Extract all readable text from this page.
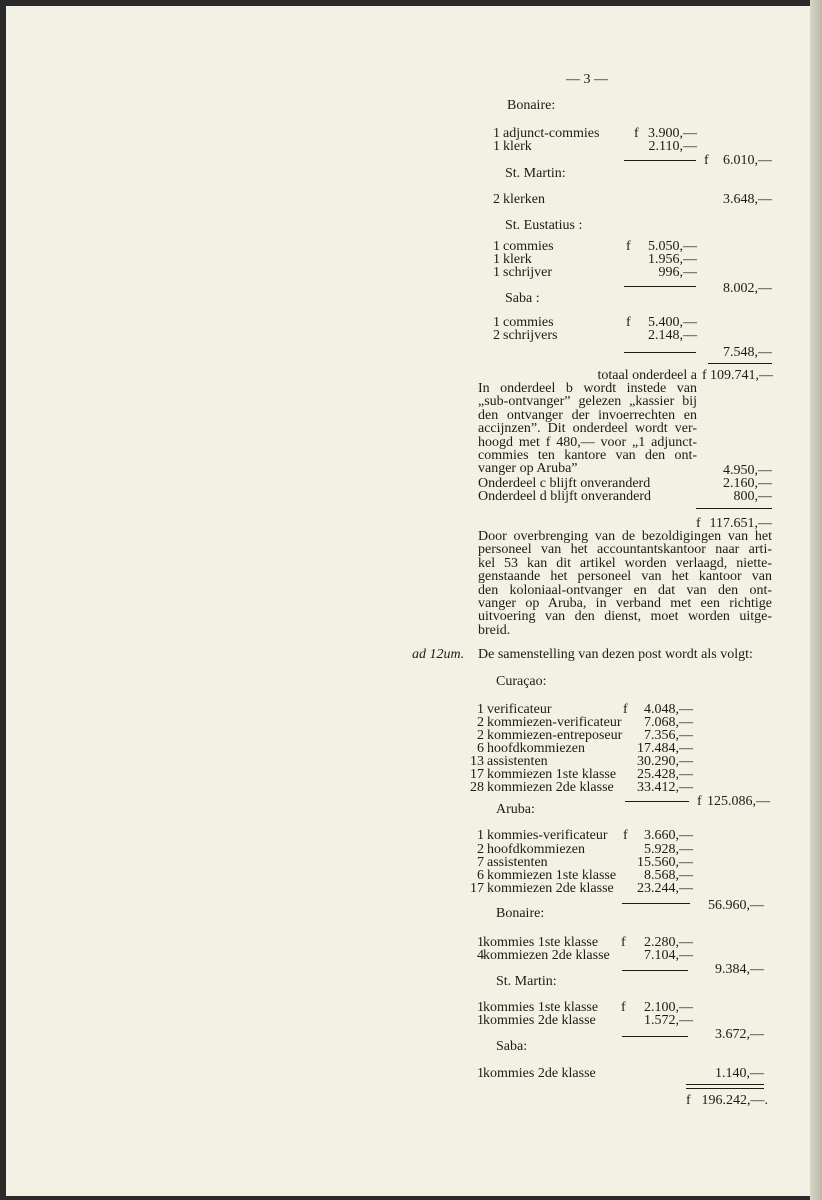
— 3 —
Bonaire:
1 adjunct-commies f 3.900,—
1 klerk	2.110,—
f	6.010,—
St. Martin:
2 klerken	3.648,—
St. Eustatius :
1 commies	f	5.050,—
1 klerk	1.956,—
1 schrijver	996,—
8.002,—
Saba :
1 commies	f	5.400,—
2 schrijvers	2.148,—
7.548,—
totaal onderdeel a f 109.741,—
In onderdeel b wordt instede van
„sub-ontvanger” gelezen „kassier bij
den ontvanger der invoerrechten en
accijnzen”. Dit onderdeel wordt ver-
hoogd met f 480,— voor „1 adjunct-
commies ten kantore van den ont-
vanger op Aruba”	4.950,—
Onderdeel c blijft onveranderd	2.160,—
Onderdeel d blijft onveranderd	800,—
f 117.651,—
Door overbrenging van de bezoldigingen van het
personeel van het accountantskantoor naar arti-
kel 53 kan dit artikel worden verlaagd, niette-
genstaande het personeel van het kantoor van
den koloniaal-ontvanger en dat van den ont-
vanger op Aruba, in verband met een richtige
uitvoering van den dienst, moet worden uitge-
breid.
ad 12um. De samenstelling van dezen post wordt als volgt:
Curaçao:
1 verificateur	f	4.048,—
2 kommiezen-verificateur	7.068,—
2 kommiezen-entreposeur	7.356,—
6 hoofdkommiezen	17.484,—
13 assistenten	30.290,—
17 kommiezen 1ste klasse	25.428,—
28 kommiezen 2de klasse	33.412,—
f 125.086,—
Aruba:
1 kommies-verificateur f	3.660,—
2 hoofdkommiezen	5.928,—
7 assistenten	15.560,—
6 kommiezen 1ste klasse	8.568,—
17 kommiezen 2de klasse	23.244,—
56.960,—
Bonaire:
1 kommies 1ste klasse f	2.280,—
4 kommiezen 2de klasse	7.104,—
9.384,—
St. Martin:
1 kommies 1ste klasse f	2.100,—
1 kommies 2de klasse	1.572,—
3.672,—
Saba:
1 kommies 2de klasse	1.140,—
f 196.242,—.
